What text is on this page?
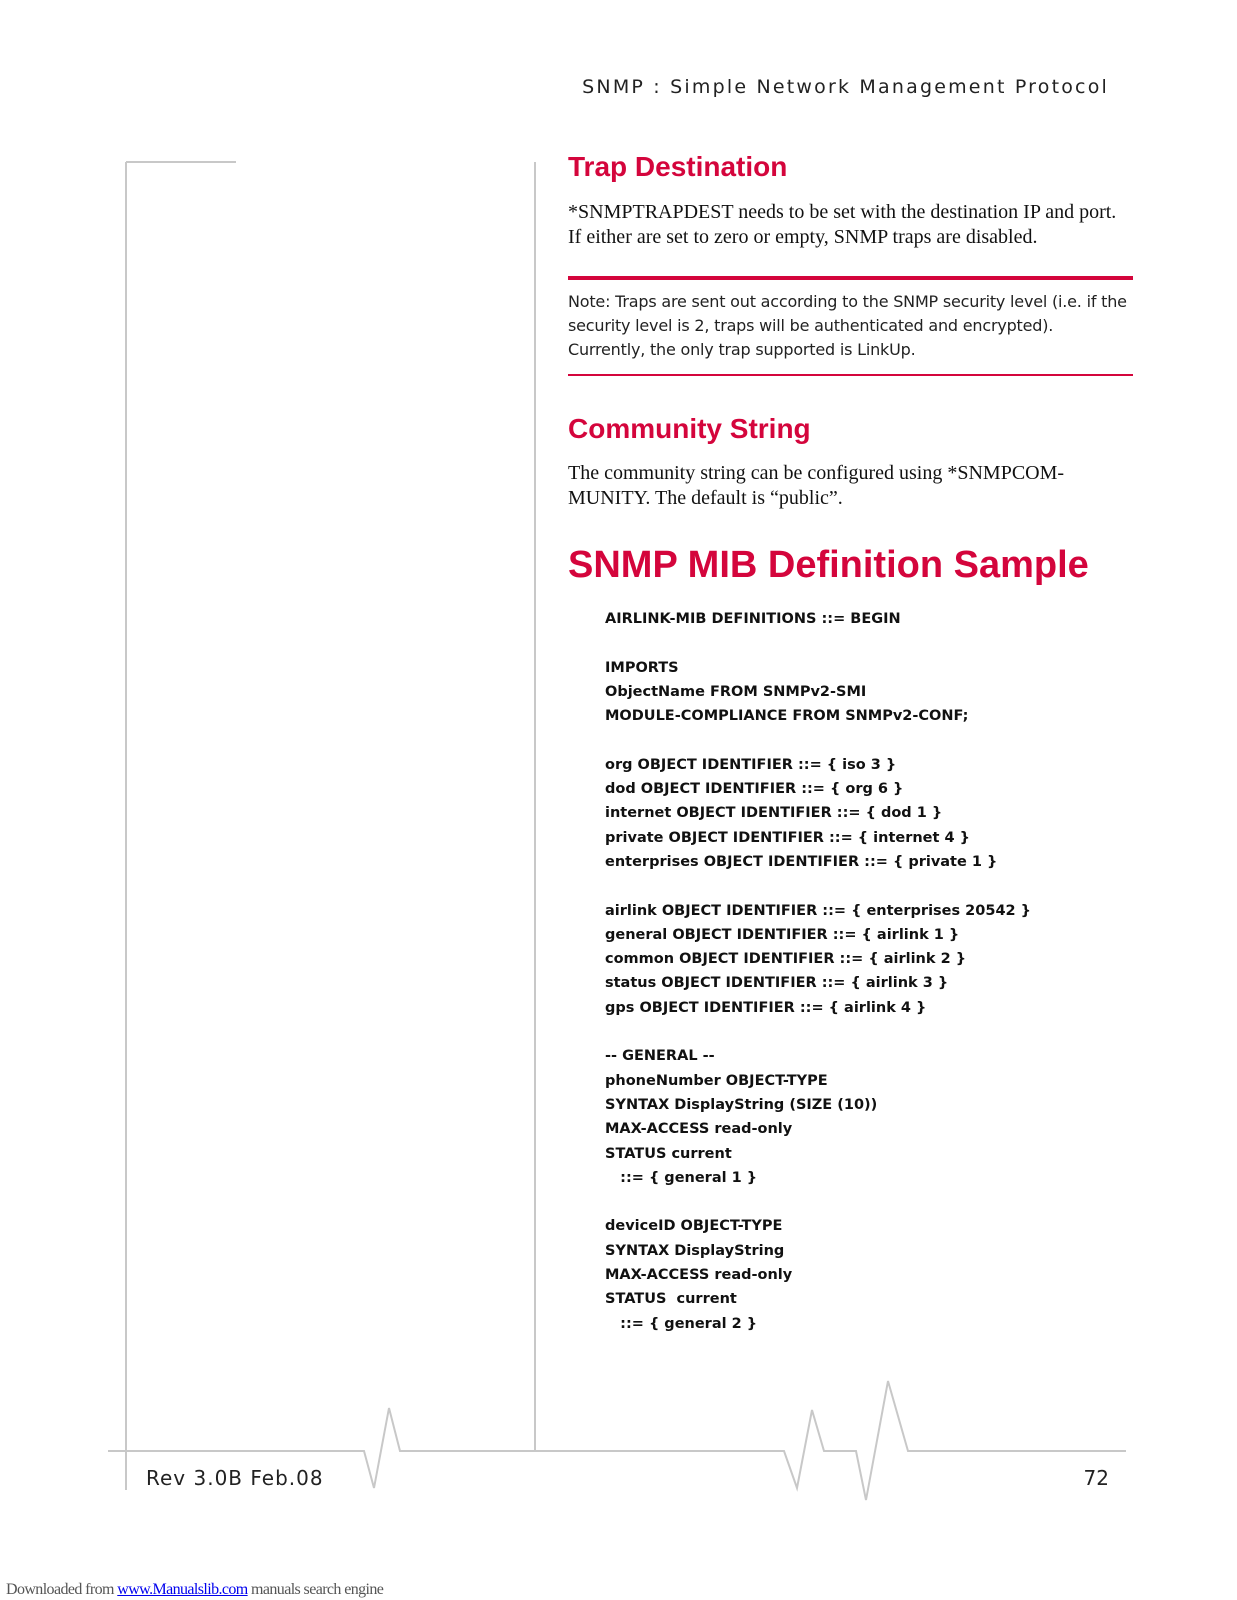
SNMP : Simple Network Management Protocol
Trap Destination

*SNMPTRAPDEST needs to be set with the destination IP and port. If either are set to zero or empty, SNMP traps are disabled.

Note: Traps are sent out according to the SNMP security level (i.e. if the security level is 2, traps will be authenticated and encrypted). Currently, the only trap supported is LinkUp.
Community String

The community string can be configured using *SNMPCOM-MUNITY. The default is “public”.

SNMP MIB Definition Sample
AIRLINK-MIB DEFINITIONS ::= BEGIN
IMPORTS
ObjectName FROM SNMPv2-SMI
MODULE-COMPLIANCE FROM SNMPv2-CONF;
org OBJECT IDENTIFIER ::= { iso 3 }
dod OBJECT IDENTIFIER ::= { org 6 }
internet OBJECT IDENTIFIER ::= { dod 1 }
private OBJECT IDENTIFIER ::= { internet 4 }
enterprises OBJECT IDENTIFIER ::= { private 1 }
airlink OBJECT IDENTIFIER ::= { enterprises 20542 }
general OBJECT IDENTIFIER ::= { airlink 1 }
common OBJECT IDENTIFIER ::= { airlink 2 }
status OBJECT IDENTIFIER ::= { airlink 3 }
gps OBJECT IDENTIFIER ::= { airlink 4 }
-- GENERAL --
phoneNumber OBJECT-TYPE
SYNTAX DisplayString (SIZE (10))
MAX-ACCESS read-only
STATUS current
::= { general 1 }
deviceID OBJECT-TYPE
SYNTAX DisplayString
MAX-ACCESS read-only
STATUS  current
::= { general 2 }
Rev 3.0B Feb.08	72
Downloaded from www.Manualslib.com manuals search engine
